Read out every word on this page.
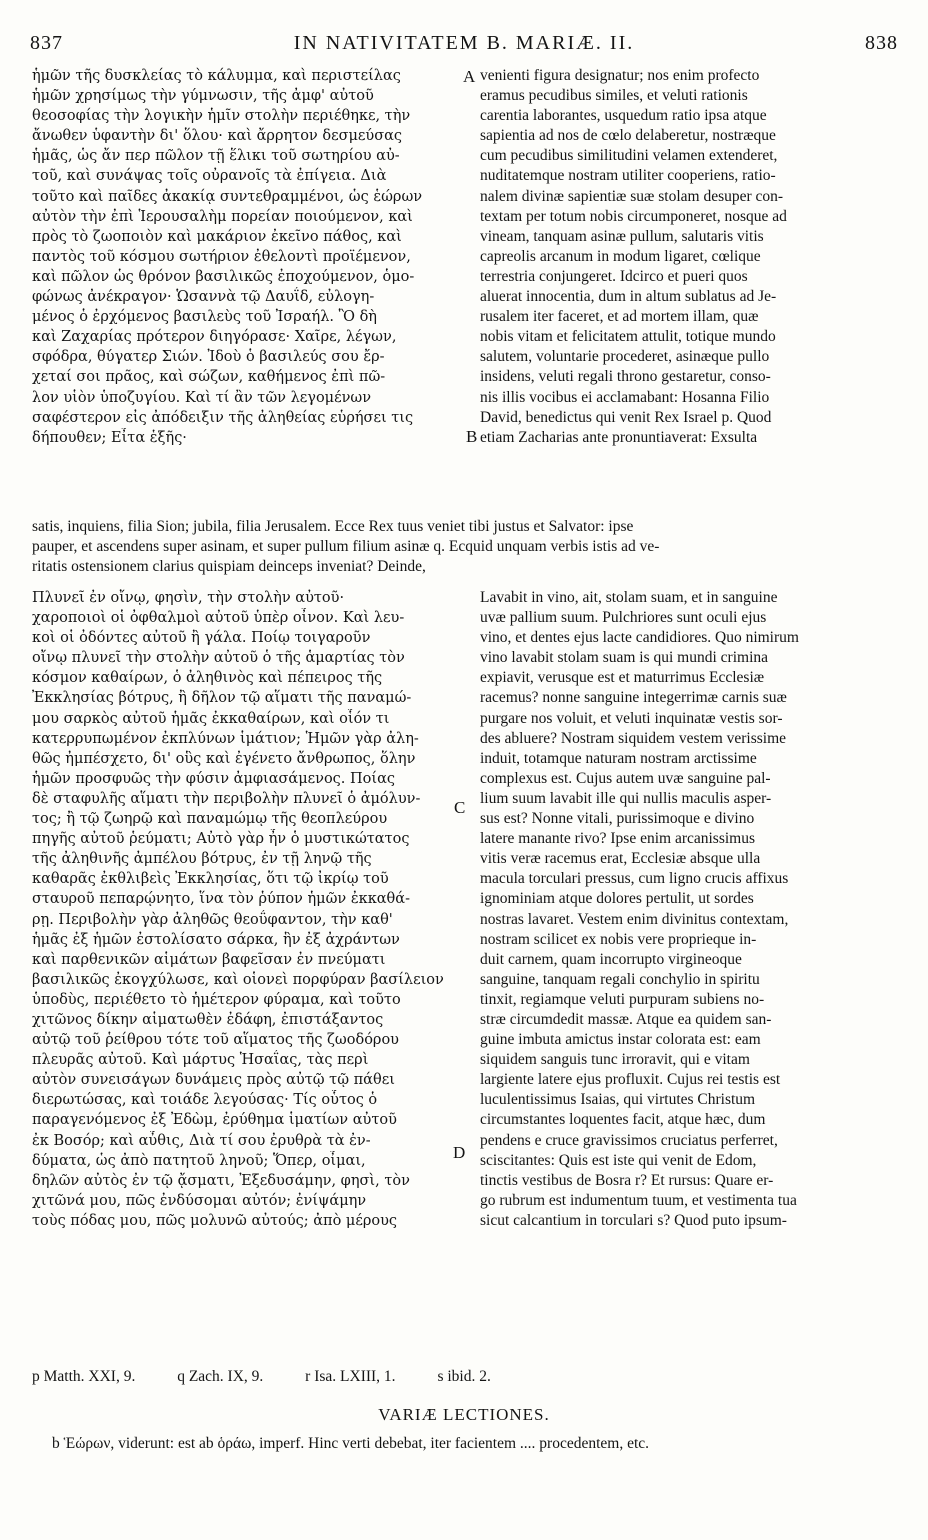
837	IN NATIVITATEM B. MARIÆ. II.	838
ἡμῶν τῆς δυσκλείας τὸ κάλυμμα, καὶ περιστείλας
ἡμῶν χρησίμως τὴν γύμνωσιν, τῆς ἀμφ' αὐτοῦ
θεοσοφίας τὴν λογικὴν ἡμῖν στολὴν περιέθηκε, τὴν
ἄνωθεν ὑφαντὴν δι' ὅλου· καὶ ἄρρητον δεσμεύσας
ἡμᾶς, ὡς ἄν περ πῶλον τῇ ἕλικι τοῦ σωτηρίου αὐ-
τοῦ, καὶ συνάψας τοῖς οὐρανοῖς τὰ ἐπίγεια. Διὰ
τοῦτο καὶ παῖδες ἀκακίᾳ συντεθραμμένοι, ὡς ἑώρων
αὐτὸν τὴν ἐπὶ Ἱερουσαλὴμ πορείαν ποιούμενον, καὶ
πρὸς τὸ ζωοποιὸν καὶ μακάριον ἐκεῖνο πάθος, καὶ
παντὸς τοῦ κόσμου σωτήριον ἐθελοντὶ προϊέμενον,
καὶ πῶλον ὡς θρόνον βασιλικῶς ἐποχούμενον, ὁμο-
φώνως ἀνέκραγον· Ὡσαννὰ τῷ Δαυΐδ, εὐλογη-
μένος ὁ ἐρχόμενος βασιλεὺς τοῦ Ἰσραήλ. Ὃ δὴ
καὶ Ζαχαρίας πρότερον διηγόρασε· Χαῖρε, λέγων,
σφόδρα, θύγατερ Σιών. Ἰδοὺ ὁ βασιλεύς σου ἔρ-
χεταί σοι πρᾶος, καὶ σώζων, καθήμενος ἐπὶ πῶ-
λον υἱὸν ὑποζυγίου. Καὶ τί ἂν τῶν λεγομένων
σαφέστερον εἰς ἀπόδειξιν τῆς ἀληθείας εὑρήσει τις
δήπουθεν; Εἶτα ἑξῆς·
venienti figura designatur; nos enim profecto
eramus pecudibus similes, et veluti rationis
carentia laborantes, usquedum ratio ipsa atque
sapientia ad nos de cœlo delaberetur, nostræque
cum pecudibus similitudini velamen extenderet,
nuditatemque nostram utiliter cooperiens, ratio-
nalem divinæ sapientiæ suæ stolam desuper con-
textam per totum nobis circumponeret, nosque ad
vineam, tanquam asinæ pullum, salutaris vitis
capreolis arcanum in modum ligaret, cœlique
terrestria conjungeret. Idcirco et pueri quos
aluerat innocentia, dum in altum sublatus ad Je-
rusalem iter faceret, et ad mortem illam, quæ
nobis vitam et felicitatem attulit, totique mundo
salutem, voluntarie procederet, asinæque pullo
insidens, veluti regali throno gestaretur, conso-
nis illis vocibus ei acclamabant: Hosanna Filio
David, benedictus qui venit Rex Israel p. Quod
etiam Zacharias ante pronuntiaverat: Exsulta
A
B
satis, inquiens, filia Sion; jubila, filia Jerusalem. Ecce Rex tuus veniet tibi justus et Salvator: ipse
pauper, et ascendens super asinam, et super pullum filium asinæ q. Ecquid unquam verbis istis ad ve-
ritatis ostensionem clarius quispiam deinceps inveniat? Deinde,
Πλυνεῖ ἐν οἴνῳ, φησὶν, τὴν στολὴν αὐτοῦ·
χαροποιοὶ οἱ ὀφθαλμοὶ αὐτοῦ ὑπὲρ οἶνον. Καὶ λευ-
κοὶ οἱ ὀδόντες αὐτοῦ ἢ γάλα. Ποίῳ τοιγαροῦν
οἴνῳ πλυνεῖ τὴν στολὴν αὐτοῦ ὁ τῆς ἁμαρτίας τὸν
κόσμον καθαίρων, ὁ ἀληθινὸς καὶ πέπειρος τῆς
Ἐκκλησίας βότρυς, ἢ δῆλον τῷ αἵματι τῆς παναμώ-
μου σαρκὸς αὐτοῦ ἡμᾶς ἐκκαθαίρων, καὶ οἷόν τι
κατερρυπωμένον ἐκπλύνων ἱμάτιον; Ἡμῶν γὰρ ἀλη-
θῶς ἠμπέσχετο, δι' οὓς καὶ ἐγένετο ἄνθρωπος, ὅλην
ἡμῶν προσφυῶς τὴν φύσιν ἀμφιασάμενος. Ποίας
δὲ σταφυλῆς αἵματι τὴν περιβολὴν πλυνεῖ ὁ ἀμόλυν-
τος; ἢ τῷ ζωηρῷ καὶ παναμώμῳ τῆς θεοπλεύρου
πηγῆς αὐτοῦ ῥεύματι; Αὐτὸ γὰρ ἦν ὁ μυστικώτατος
τῆς ἀληθινῆς ἀμπέλου βότρυς, ἐν τῇ ληνῷ τῆς
καθαρᾶς ἐκθλιβεὶς Ἐκκλησίας, ὅτι τῷ ἰκρίῳ τοῦ
σταυροῦ πεπαρῴνητο, ἵνα τὸν ῥύπον ἡμῶν ἐκκαθά-
ρῃ. Περιβολὴν γὰρ ἀληθῶς θεοΰφαντον, τὴν καθ'
ἡμᾶς ἐξ ἡμῶν ἐστολίσατο σάρκα, ἣν ἐξ ἀχράντων
καὶ παρθενικῶν αἱμάτων βαφεῖσαν ἐν πνεύματι
βασιλικῶς ἐκογχύλωσε, καὶ οἱονεὶ πορφύραν βασίλειον
ὑποδὺς, περιέθετο τὸ ἡμέτερον φύραμα, καὶ τοῦτο
χιτῶνος δίκην αἱματωθὲν ἐδάφη, ἐπιστάξαντος
αὐτῷ τοῦ ῥείθρου τότε τοῦ αἵματος τῆς ζωοδόρου
πλευρᾶς αὐτοῦ. Καὶ μάρτυς Ἡσαΐας, τὰς περὶ
αὐτὸν συνεισάγων δυνάμεις πρὸς αὐτῷ τῷ πάθει
διερωτώσας, καὶ τοιάδε λεγούσας· Τίς οὗτος ὁ
παραγενόμενος ἐξ Ἐδὼμ, ἐρύθημα ἱματίων αὐτοῦ
ἐκ Βοσόρ; καὶ αὖθις, Διὰ τί σου ἐρυθρὰ τὰ ἐν-
δύματα, ὡς ἀπὸ πατητοῦ ληνοῦ; Ὅπερ, οἶμαι,
δηλῶν αὐτὸς ἐν τῷ ᾄσματι, Ἐξεδυσάμην, φησὶ, τὸν
χιτῶνά μου, πῶς ἐνδύσομαι αὐτόν; ἐνίψάμην
τοὺς πόδας μου, πῶς μολυνῶ αὐτούς; ἀπὸ μέρους
Lavabit in vino, ait, stolam suam, et in sanguine
uvæ pallium suum. Pulchriores sunt oculi ejus
vino, et dentes ejus lacte candidiores. Quo nimirum
vino lavabit stolam suam is qui mundi crimina
expiavit, verusque est et maturrimus Ecclesiæ
racemus? nonne sanguine integerrimæ carnis suæ
purgare nos voluit, et veluti inquinatæ vestis sor-
des abluere? Nostram siquidem vestem verissime
induit, totamque naturam nostram arctissime
complexus est. Cujus autem uvæ sanguine pal-
lium suum lavabit ille qui nullis maculis asper-
sus est? Nonne vitali, purissimoque e divino
latere manante rivo? Ipse enim arcanissimus
vitis veræ racemus erat, Ecclesiæ absque ulla
macula torculari pressus, cum ligno crucis affixus
ignominiam atque dolores pertulit, ut sordes
nostras lavaret. Vestem enim divinitus contextam,
nostram scilicet ex nobis vere proprieque in-
duit carnem, quam incorrupto virgineoque
sanguine, tanquam regali conchylio in spiritu
tinxit, regiamque veluti purpuram subiens no-
stræ circumdedit massæ. Atque ea quidem san-
guine imbuta amictus instar colorata est: eam
siquidem sanguis tunc irroravit, qui e vitam
largiente latere ejus profluxit. Cujus rei testis est
luculentissimus Isaias, qui virtutes Christum
circumstantes loquentes facit, atque hæc, dum
pendens e cruce gravissimos cruciatus perferret,
sciscitantes: Quis est iste qui venit de Edom,
tinctis vestibus de Bosra r? Et rursus: Quare er-
go rubrum est indumentum tuum, et vestimenta tua
sicut calcantium in torculari s? Quod puto ipsum-
C
D
p Matth. XXI, 9.	q Zach. IX, 9.	r Isa. LXIII, 1.	s ibid. 2.
VARIÆ LECTIONES.
b Ἑώρων, viderunt: est ab ὁράω, imperf. Hinc verti debebat, iter facientem .... procedentem, etc.
